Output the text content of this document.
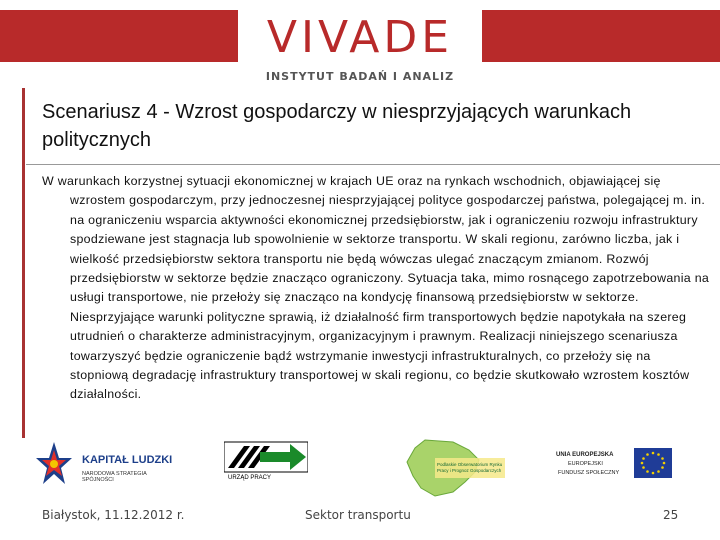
VIVADE
INSTYTUT BADAŃ I ANALIZ
Scenariusz 4 - Wzrost gospodarczy w niesprzyjających warunkach politycznych
W warunkach korzystnej sytuacji ekonomicznej w krajach UE oraz na rynkach wschodnich, objawiającej się wzrostem gospodarczym, przy jednoczesnej niesprzyjającej polityce gospodarczej państwa, polegającej m. in. na ograniczeniu wsparcia aktywności ekonomicznej przedsiębiorstw, jak i ograniczeniu rozwoju infrastruktury spodziewane jest stagnacja lub spowolnienie w sektorze transportu. W skali regionu, zarówno liczba, jak i wielkość przedsiębiorstw sektora transportu nie będą wówczas ulegać znaczącym zmianom. Rozwój przedsiębiorstw w sektorze będzie znacząco ograniczony. Sytuacja taka, mimo rosnącego zapotrzebowania na usługi transportowe, nie przełoży się znacząco na kondycję finansową przedsiębiorstw w sektorze. Niesprzyjające warunki polityczne sprawią, iż działalność firm transportowych będzie napotykała na szereg utrudnień o charakterze administracyjnym, organizacyjnym i prawnym. Realizacji niniejszego scenariusza towarzyszyć będzie ograniczenie bądź wstrzymanie inwestycji infrastrukturalnych, co przełoży się na stopniową degradację infrastruktury transportowej w skali regionu, co będzie skutkowało wzrostem kosztów działalności.
KAPITAŁ LUDZKI
NARODOWA STRATEGIA SPÓJNOŚCI	URZĄD PRACY
Podlaskie Obserwatorium Rynku Pracy i Prognoz Gospodarczych
UNIA EUROPEJSKA
EUROPEJSKI
FUNDUSZ SPOŁECZNY
Białystok, 11.12.2012 r.	Sektor transportu	25
